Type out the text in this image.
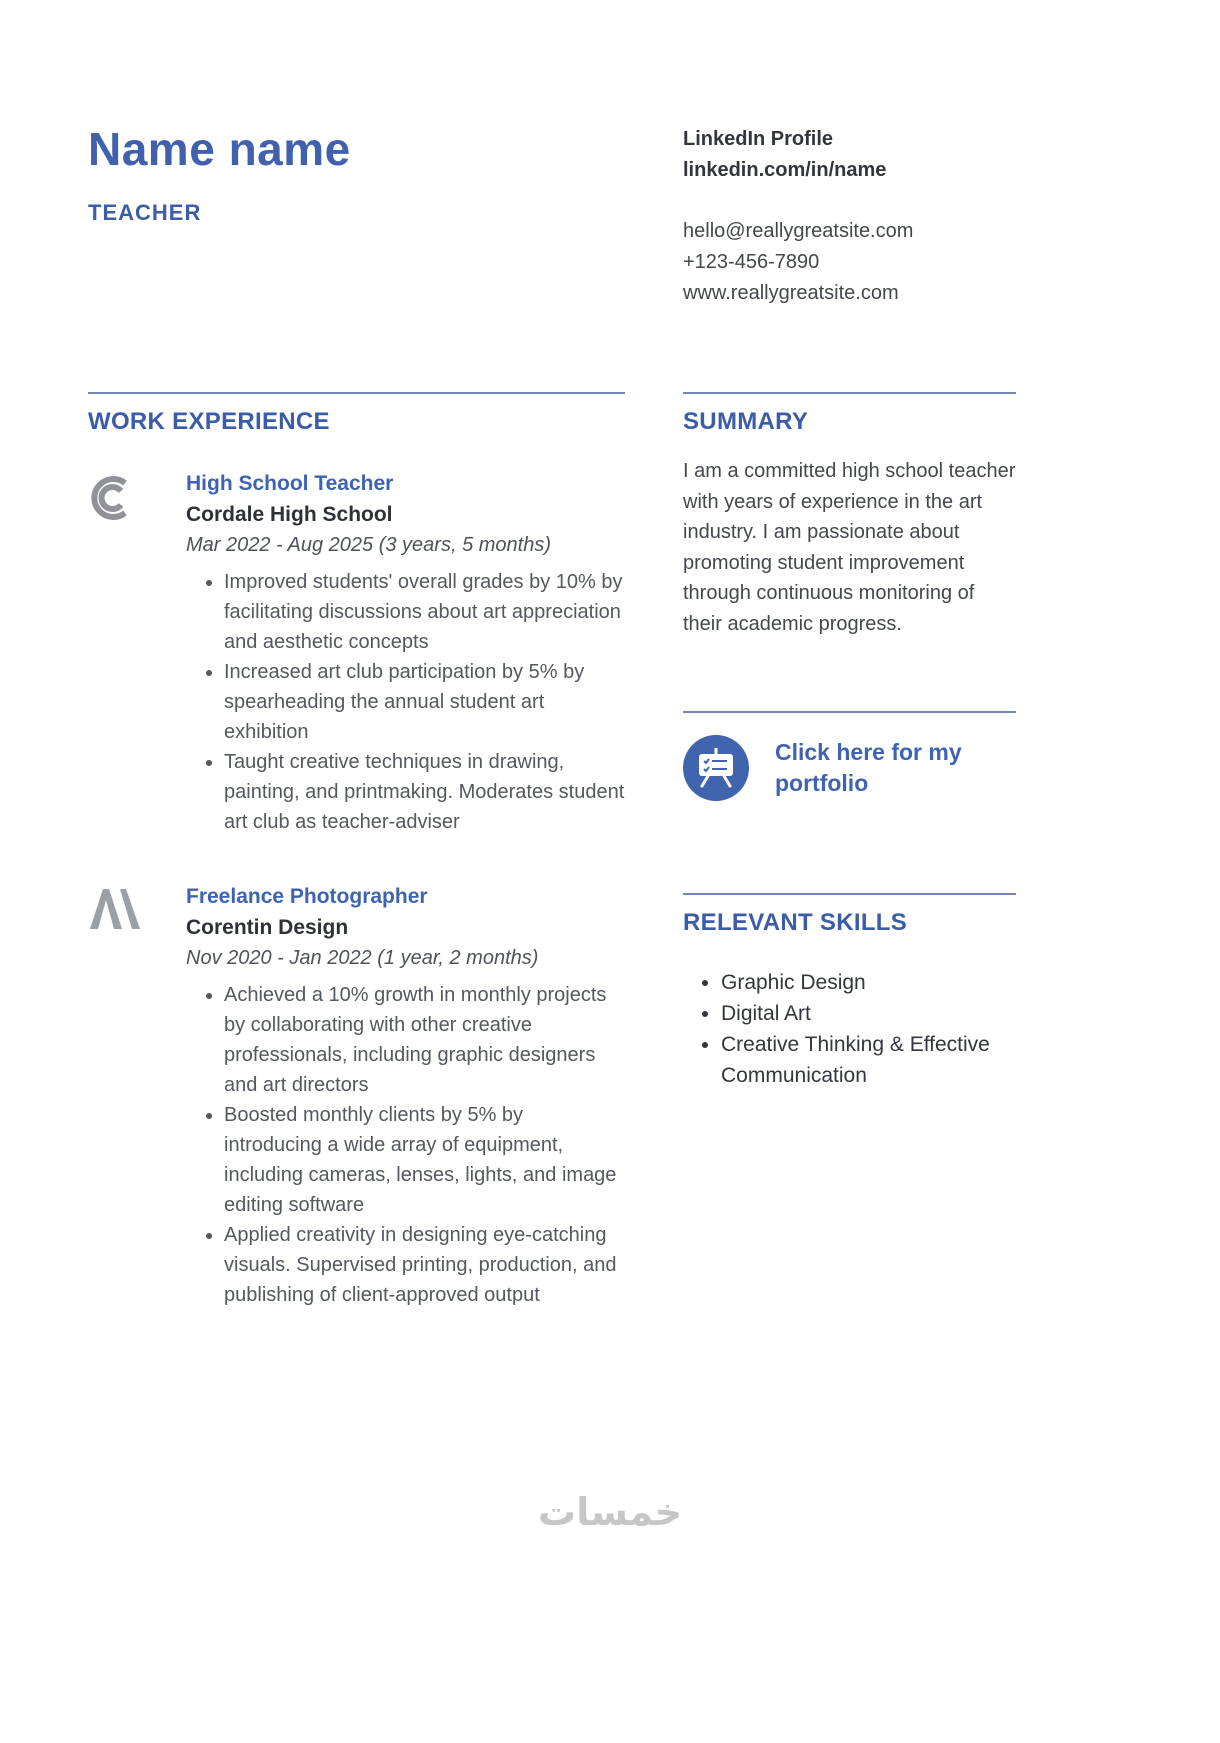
Name name
TEACHER
LinkedIn Profile
linkedin.com/in/name
hello@reallygreatsite.com
+123-456-7890
www.reallygreatsite.com
WORK EXPERIENCE
High School Teacher
Cordale High School
Mar 2022 - Aug 2025 (3 years, 5 months)
• Improved students' overall grades by 10% by facilitating discussions about art appreciation and aesthetic concepts
• Increased art club participation by 5% by spearheading the annual student art exhibition
• Taught creative techniques in drawing, painting, and printmaking. Moderates student art club as teacher-adviser
Freelance Photographer
Corentin Design
Nov 2020 - Jan 2022 (1 year, 2 months)
• Achieved a 10% growth in monthly projects by collaborating with other creative professionals, including graphic designers and art directors
• Boosted monthly clients by 5% by introducing a wide array of equipment, including cameras, lenses, lights, and image editing software
• Applied creativity in designing eye-catching visuals. Supervised printing, production, and publishing of client-approved output
SUMMARY

I am a committed high school teacher with years of experience in the art industry. I am passionate about promoting student improvement through continuous monitoring of their academic progress.

Click here for my portfolio
RELEVANT SKILLS
• Graphic Design
• Digital Art
• Creative Thinking & Effective Communication
خمسات
